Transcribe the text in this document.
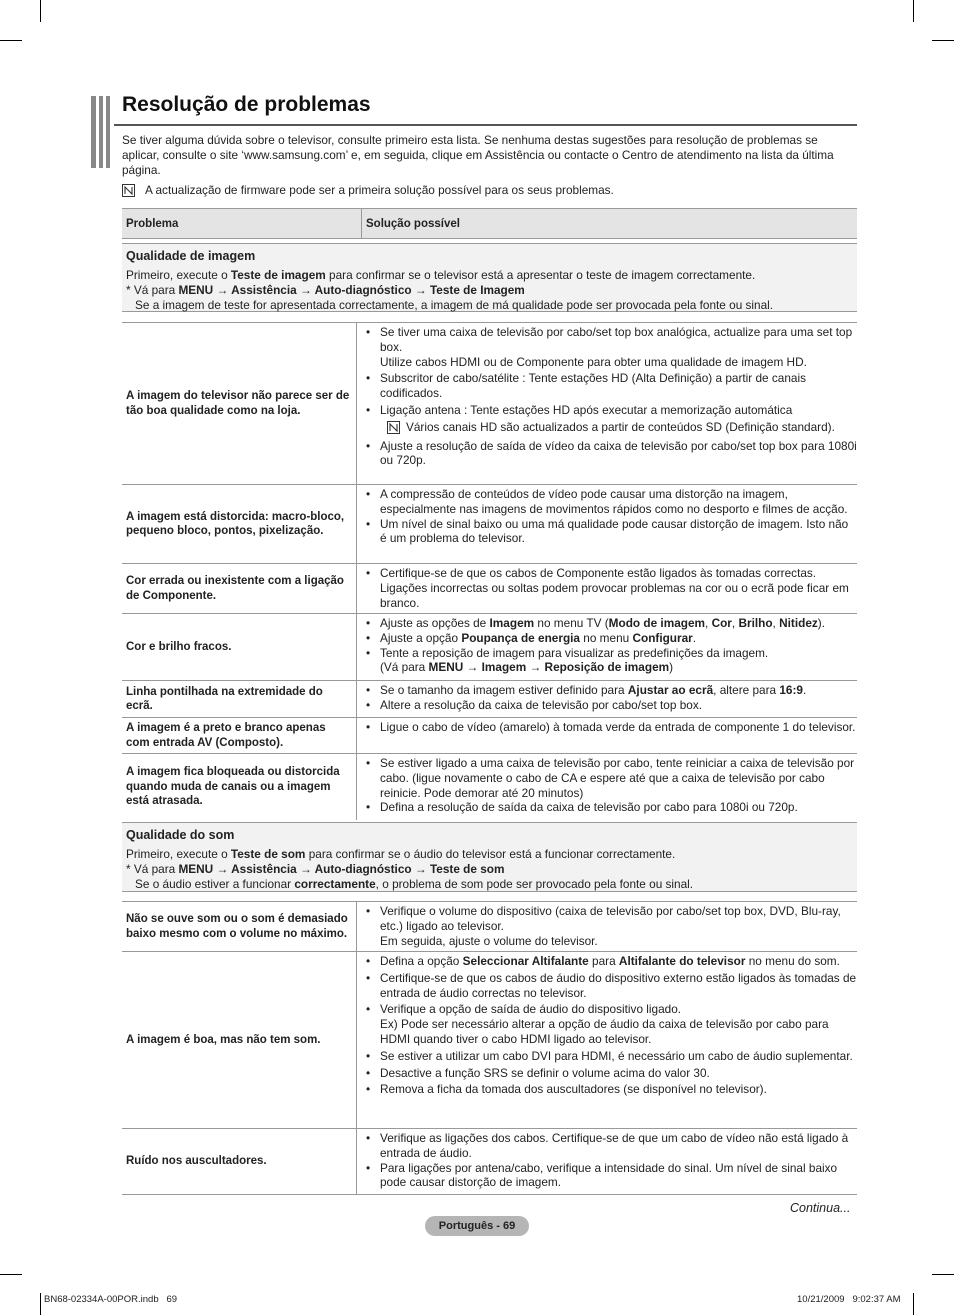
Resolução de problemas
Se tiver alguma dúvida sobre o televisor, consulte primeiro esta lista. Se nenhuma destas sugestões para resolução de problemas se aplicar, consulte o site ‘www.samsung.com’ e, em seguida, clique em Assistência ou contacte o Centro de atendimento na lista da última página.
A actualização de firmware pode ser a primeira solução possível para os seus problemas.
Problema	Solução possível
Qualidade de imagem
Primeiro, execute o Teste de imagem para confirmar se o televisor está a apresentar o teste de imagem correctamente.
* Vá para MENU → Assistência → Auto-diagnóstico → Teste de Imagem
Se a imagem de teste for apresentada correctamente, a imagem de má qualidade pode ser provocada pela fonte ou sinal.
A imagem do televisor não parece ser de tão boa qualidade como na loja.
• Se tiver uma caixa de televisão por cabo/set top box analógica, actualize para uma set top box.
Utilize cabos HDMI ou de Componente para obter uma qualidade de imagem HD.
• Subscritor de cabo/satélite : Tente estações HD (Alta Definição) a partir de canais codificados.
• Ligação antena : Tente estações HD após executar a memorização automática
Vários canais HD são actualizados a partir de conteúdos SD (Definição standard).
• Ajuste a resolução de saída de vídeo da caixa de televisão por cabo/set top box para 1080i ou 720p.
A imagem está distorcida: macro-bloco, pequeno bloco, pontos, pixelização.
• A compressão de conteúdos de vídeo pode causar uma distorção na imagem, especialmente nas imagens de movimentos rápidos como no desporto e filmes de acção.
• Um nível de sinal baixo ou uma má qualidade pode causar distorção de imagem. Isto não é um problema do televisor.
Cor errada ou inexistente com a ligação de Componente.
• Certifique-se de que os cabos de Componente estão ligados às tomadas correctas. Ligações incorrectas ou soltas podem provocar problemas na cor ou o ecrã pode ficar em branco.
Cor e brilho fracos.
• Ajuste as opções de Imagem no menu TV (Modo de imagem, Cor, Brilho, Nitidez).
• Ajuste a opção Poupança de energia no menu Configurar.
• Tente a reposição de imagem para visualizar as predefinições da imagem.
(Vá para MENU → Imagem → Reposição de imagem)
Linha pontilhada na extremidade do ecrã.
• Se o tamanho da imagem estiver definido para Ajustar ao ecrã, altere para 16:9.
• Altere a resolução da caixa de televisão por cabo/set top box.
A imagem é a preto e branco apenas com entrada AV (Composto).
• Ligue o cabo de vídeo (amarelo) à tomada verde da entrada de componente 1 do televisor.
A imagem fica bloqueada ou distorcida quando muda de canais ou a imagem está atrasada.
• Se estiver ligado a uma caixa de televisão por cabo, tente reiniciar a caixa de televisão por cabo. (ligue novamente o cabo de CA e espere até que a caixa de televisão por cabo reinicie. Pode demorar até 20 minutos)
• Defina a resolução de saída da caixa de televisão por cabo para 1080i ou 720p.
Qualidade do som
Primeiro, execute o Teste de som para confirmar se o áudio do televisor está a funcionar correctamente.
* Vá para MENU → Assistência → Auto-diagnóstico → Teste de som
Se o áudio estiver a funcionar correctamente, o problema de som pode ser provocado pela fonte ou sinal.
Não se ouve som ou o som é demasiado baixo mesmo com o volume no máximo.
• Verifique o volume do dispositivo (caixa de televisão por cabo/set top box, DVD, Blu-ray, etc.) ligado ao televisor.
Em seguida, ajuste o volume do televisor.
A imagem é boa, mas não tem som.
• Defina a opção Seleccionar Altifalante para Altifalante do televisor no menu do som.
• Certifique-se de que os cabos de áudio do dispositivo externo estão ligados às tomadas de entrada de áudio correctas no televisor.
• Verifique a opção de saída de áudio do dispositivo ligado.
Ex) Pode ser necessário alterar a opção de áudio da caixa de televisão por cabo para HDMI quando tiver o cabo HDMI ligado ao televisor.
• Se estiver a utilizar um cabo DVI para HDMI, é necessário um cabo de áudio suplementar.
• Desactive a função SRS se definir o volume acima do valor 30.
• Remova a ficha da tomada dos auscultadores (se disponível no televisor).
Ruído nos auscultadores.
• Verifique as ligações dos cabos. Certifique-se de que um cabo de vídeo não está ligado à entrada de áudio.
• Para ligações por antena/cabo, verifique a intensidade do sinal. Um nível de sinal baixo pode causar distorção de imagem.
Continua...
Português - 69
BN68-02334A-00POR.indb   69	10/21/2009   9:02:37 AM
